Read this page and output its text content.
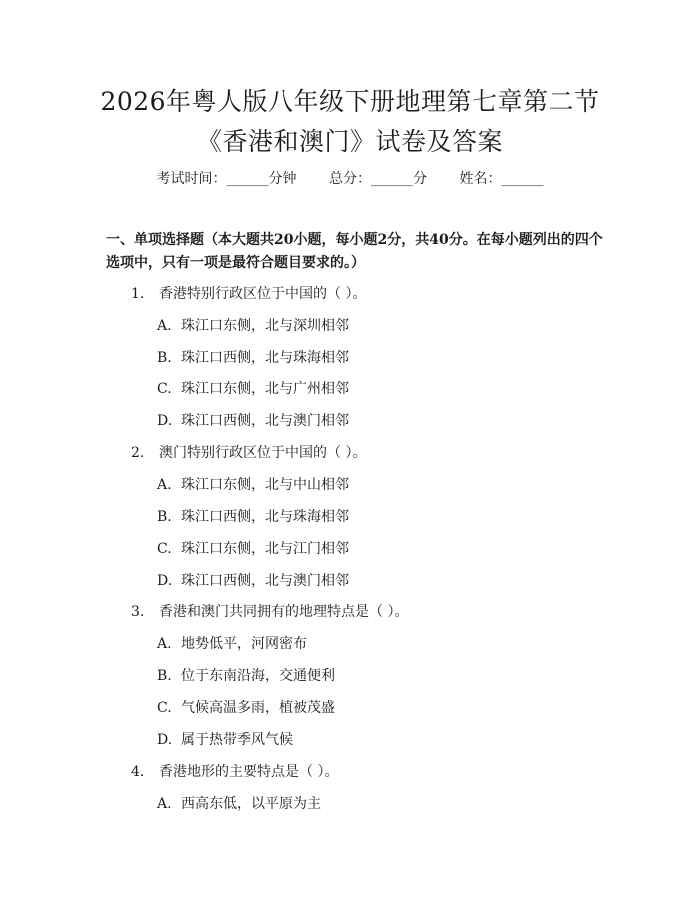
2026年粤人版八年级下册地理第七章第二节
《香港和澳门》试卷及答案
考试时间：______分钟 总分：______分 姓名：______
一、单项选择题（本大题共20小题，每小题2分，共40分。在每小题列出的四个选项中，只有一项是最符合题目要求的。）
1. 香港特别行政区位于中国的（ ）。
A. 珠江口东侧，北与深圳相邻
B. 珠江口西侧，北与珠海相邻
C. 珠江口东侧，北与广州相邻
D. 珠江口西侧，北与澳门相邻
2. 澳门特别行政区位于中国的（ ）。
A. 珠江口东侧，北与中山相邻
B. 珠江口西侧，北与珠海相邻
C. 珠江口东侧，北与江门相邻
D. 珠江口西侧，北与澳门相邻
3. 香港和澳门共同拥有的地理特点是（ ）。
A. 地势低平，河网密布
B. 位于东南沿海，交通便利
C. 气候高温多雨，植被茂盛
D. 属于热带季风气候
4. 香港地形的主要特点是（ ）。
A. 西高东低，以平原为主
